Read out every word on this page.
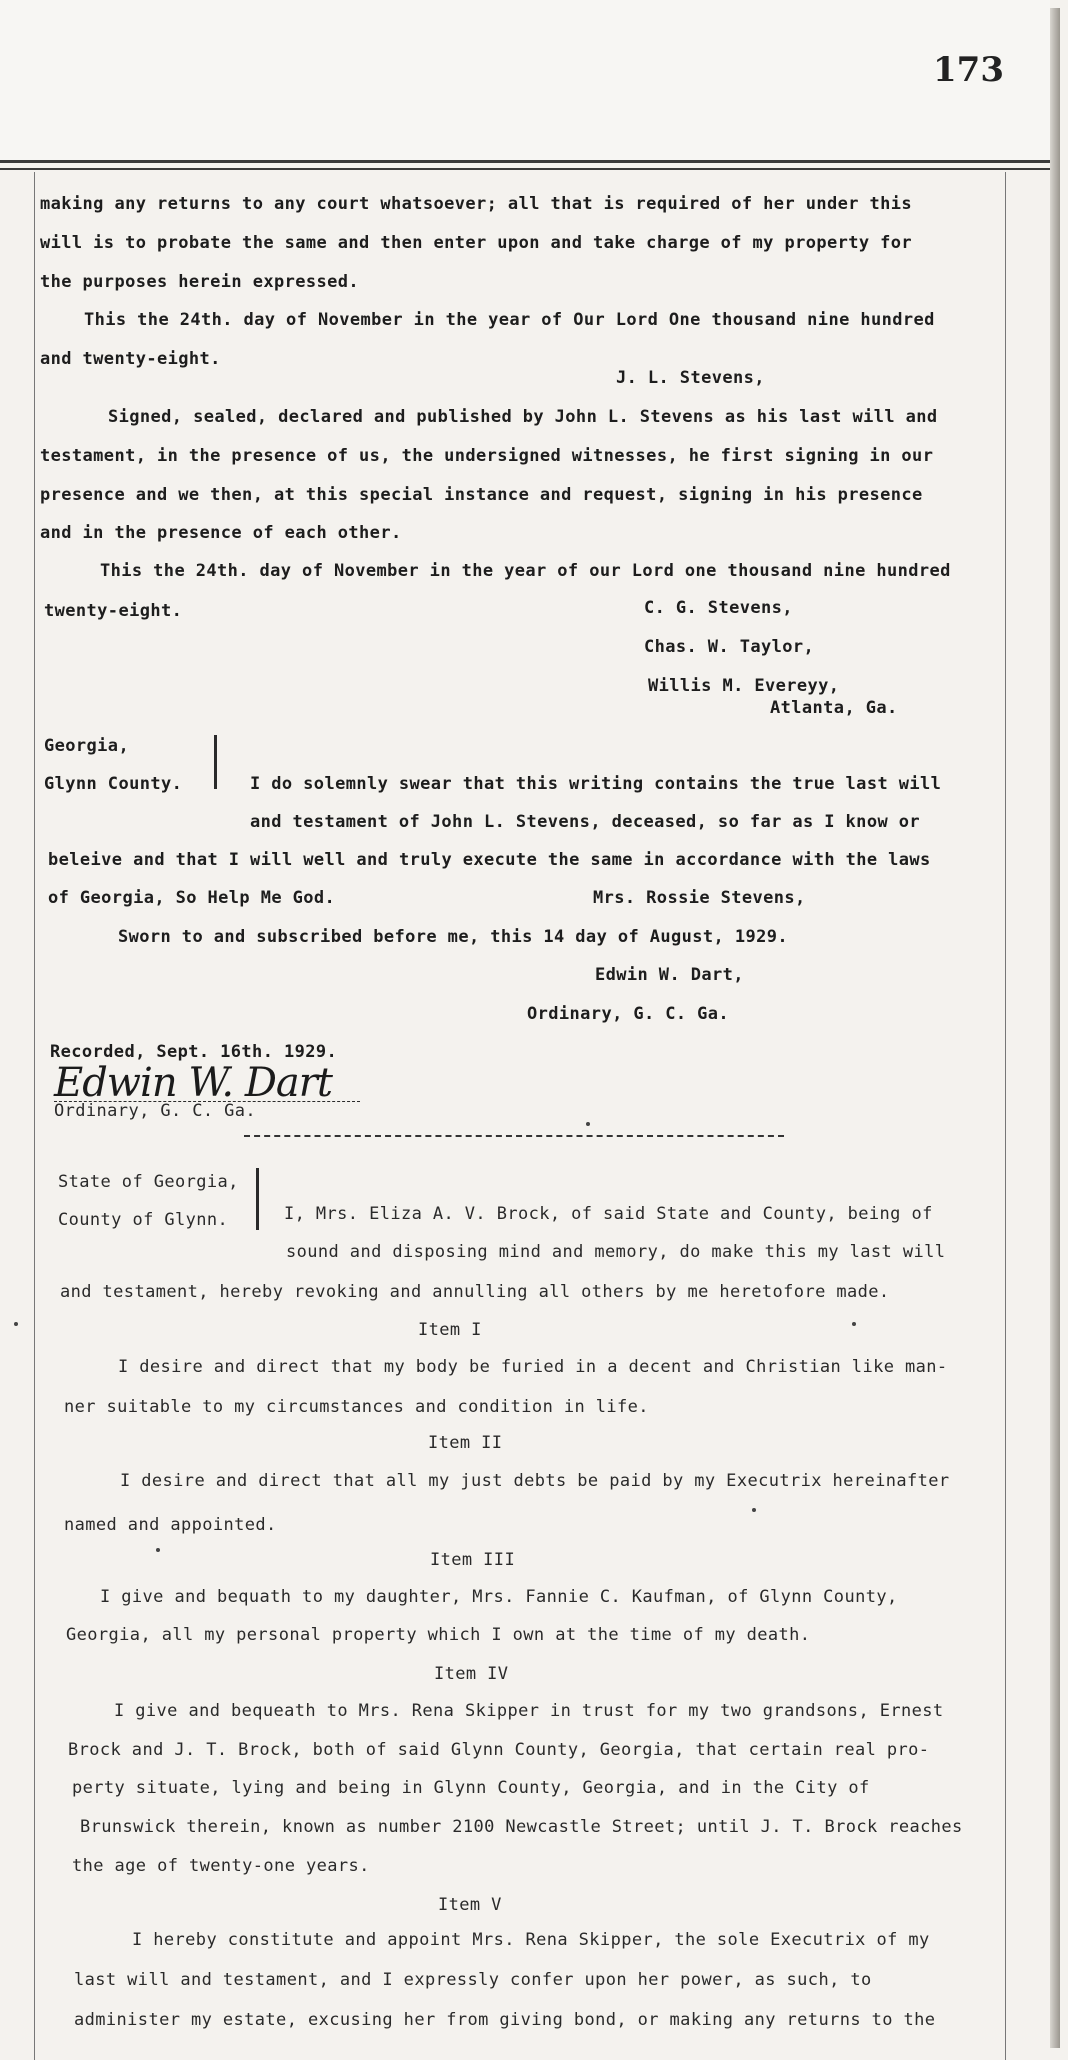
173
making any returns to any court whatsoever; all that is required of her under this
will is to probate the same and then enter upon and take charge of my property for
the purposes herein expressed.
This the 24th. day of November in the year of Our Lord One thousand nine hundred
and twenty-eight.
J. L. Stevens,
Signed, sealed, declared and published by John L. Stevens as his last will and
testament, in the presence of us, the undersigned witnesses, he first signing in our
presence and we then, at this special instance and request, signing in his presence
and in the presence of each other.
This the 24th. day of November in the year of our Lord one thousand nine hundred
twenty-eight.	C. G. Stevens,
Chas. W. Taylor,
Willis M. Evereyy,
Atlanta, Ga.
Georgia,
Glynn County.	I do solemnly swear that this writing contains the true last will
and testament of John L. Stevens, deceased, so far as I know or
beleive and that I will well and truly execute the same in accordance with the laws
of Georgia, So Help Me God.	Mrs. Rossie Stevens,
Sworn to and subscribed before me, this 14 day of August, 1929.
Edwin W. Dart,
Ordinary, G. C. Ga.
Recorded, Sept. 16th. 1929.
Ordinary, G. C. Ga.
State of Georgia,
County of Glynn.	I, Mrs. Eliza A. V. Brock, of said State and County, being of
sound and disposing mind and memory, do make this my last will
and testament, hereby revoking and annulling all others by me heretofore made.
Item I
I desire and direct that my body be furied in a decent and Christian like man-
ner suitable to my circumstances and condition in life.
Item II
I desire and direct that all my just debts be paid by my Executrix hereinafter
named and appointed.
Item III
I give and bequath to my daughter, Mrs. Fannie C. Kaufman, of Glynn County,
Georgia, all my personal property which I own at the time of my death.
Item IV
I give and bequeath to Mrs. Rena Skipper in trust for my two grandsons, Ernest
Brock and J. T. Brock, both of said Glynn County, Georgia, that certain real pro-
perty situate, lying and being in Glynn County, Georgia, and in the City of
Brunswick therein, known as number 2100 Newcastle Street; until J. T. Brock reaches
the age of twenty-one years.
Item V
I hereby constitute and appoint Mrs. Rena Skipper, the sole Executrix of my
last will and testament, and I expressly confer upon her power, as such, to
administer my estate, excusing her from giving bond, or making any returns to the
Edwin W. Dart
